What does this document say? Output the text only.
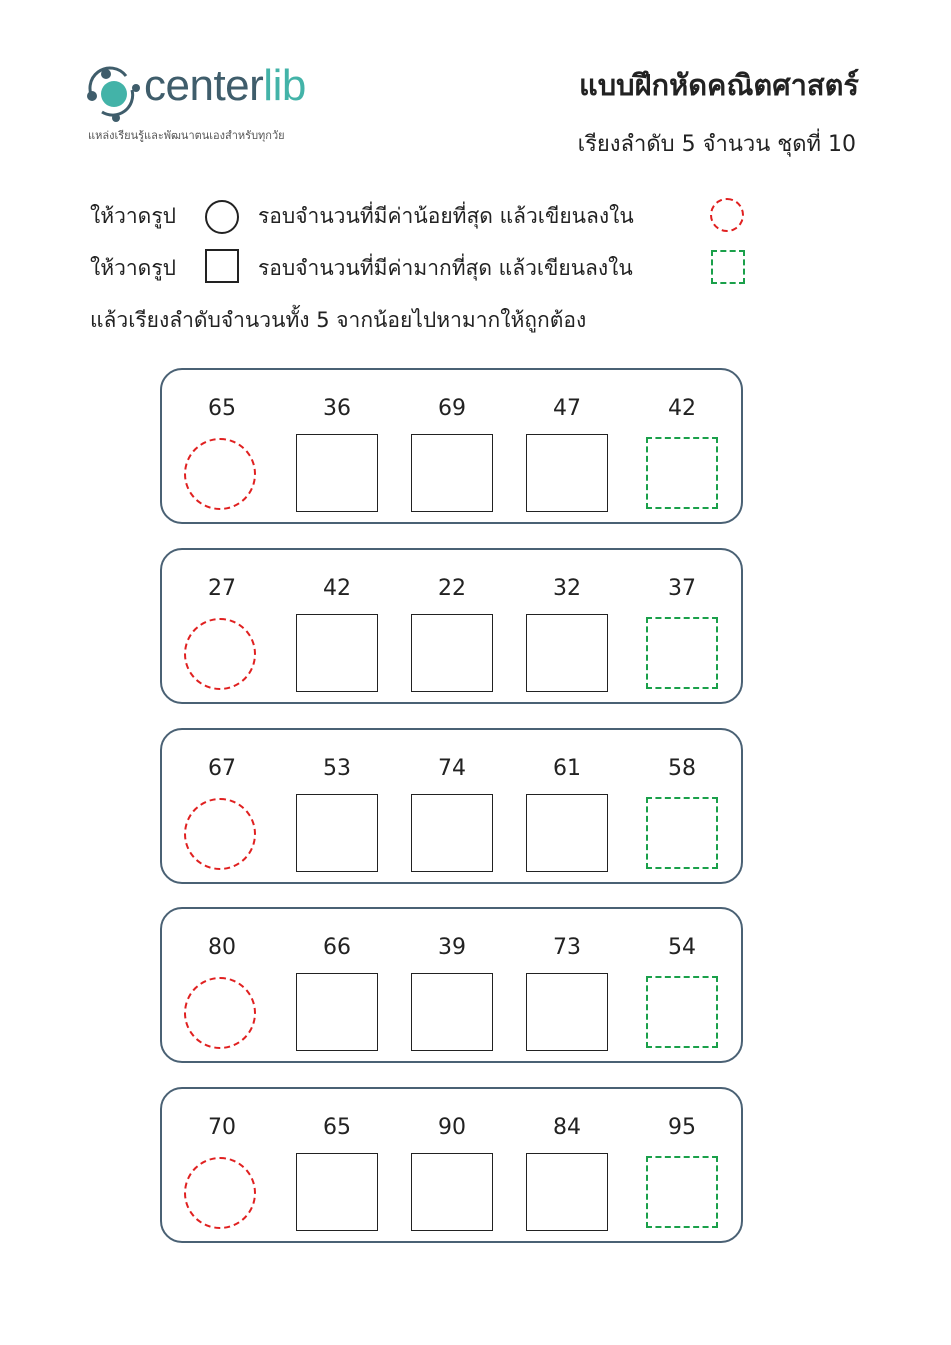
centerlib
แหล่งเรียนรู้และพัฒนาตนเองสำหรับทุกวัย
แบบฝึกหัดคณิตศาสตร์
เรียงลำดับ 5 จำนวน ชุดที่ 10
ให้วาดรูป	รอบจำนวนที่มีค่าน้อยที่สุด แล้วเขียนลงใน
ให้วาดรูป	รอบจำนวนที่มีค่ามากที่สุด แล้วเขียนลงใน
แล้วเรียงลำดับจำนวนทั้ง 5 จากน้อยไปหามากให้ถูกต้อง
65	36	69	47	42
27	42	22	32	37
67	53	74	61	58
80	66	39	73	54
70	65	90	84	95
